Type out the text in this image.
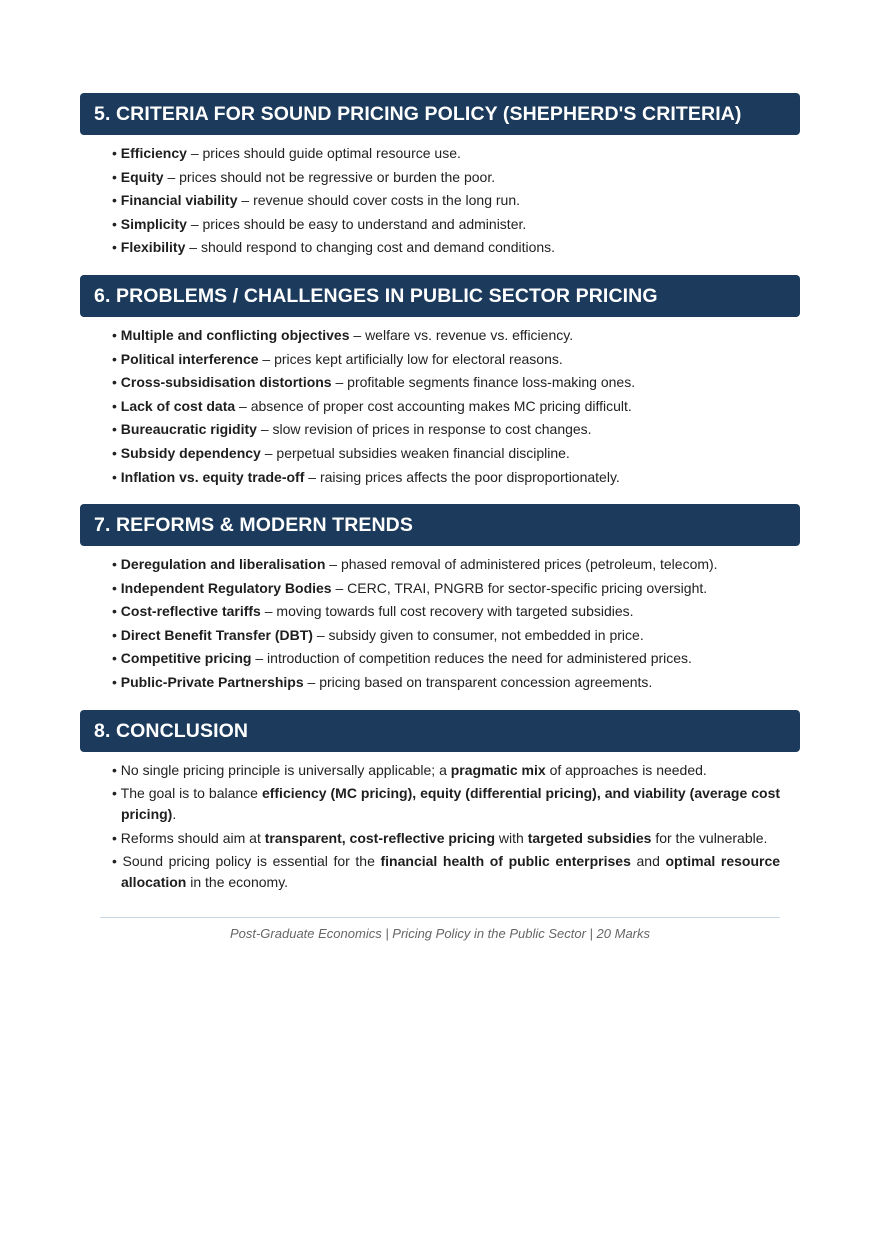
5. CRITERIA FOR SOUND PRICING POLICY (SHEPHERD'S CRITERIA)
• Efficiency – prices should guide optimal resource use.
• Equity – prices should not be regressive or burden the poor.
• Financial viability – revenue should cover costs in the long run.
• Simplicity – prices should be easy to understand and administer.
• Flexibility – should respond to changing cost and demand conditions.
6. PROBLEMS / CHALLENGES IN PUBLIC SECTOR PRICING
• Multiple and conflicting objectives – welfare vs. revenue vs. efficiency.
• Political interference – prices kept artificially low for electoral reasons.
• Cross-subsidisation distortions – profitable segments finance loss-making ones.
• Lack of cost data – absence of proper cost accounting makes MC pricing difficult.
• Bureaucratic rigidity – slow revision of prices in response to cost changes.
• Subsidy dependency – perpetual subsidies weaken financial discipline.
• Inflation vs. equity trade-off – raising prices affects the poor disproportionately.
7. REFORMS & MODERN TRENDS
• Deregulation and liberalisation – phased removal of administered prices (petroleum, telecom).
• Independent Regulatory Bodies – CERC, TRAI, PNGRB for sector-specific pricing oversight.
• Cost-reflective tariffs – moving towards full cost recovery with targeted subsidies.
• Direct Benefit Transfer (DBT) – subsidy given to consumer, not embedded in price.
• Competitive pricing – introduction of competition reduces the need for administered prices.
• Public-Private Partnerships – pricing based on transparent concession agreements.
8. CONCLUSION
• No single pricing principle is universally applicable; a pragmatic mix of approaches is needed.
• The goal is to balance efficiency (MC pricing), equity (differential pricing), and viability (average cost pricing).
• Reforms should aim at transparent, cost-reflective pricing with targeted subsidies for the vulnerable.
• Sound pricing policy is essential for the financial health of public enterprises and optimal resource allocation in the economy.
Post-Graduate Economics | Pricing Policy in the Public Sector | 20 Marks
